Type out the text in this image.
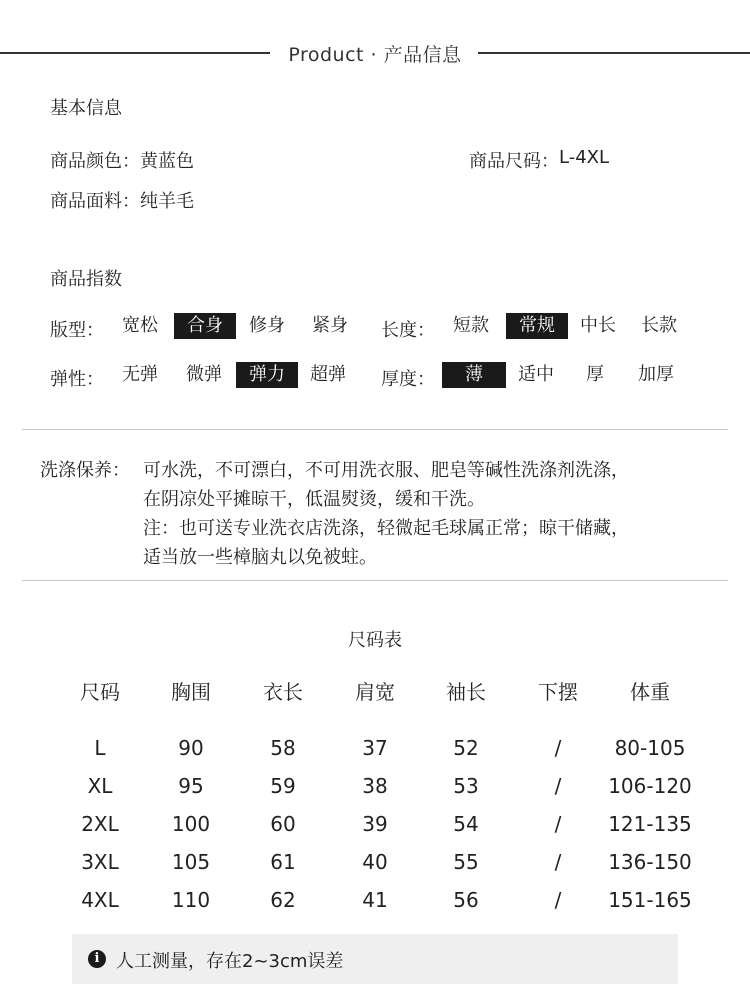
Product · 产品信息
基本信息
商品颜色： 黄蓝色	商品尺码： L-4XL
商品面料： 纯羊毛
商品指数
版型： 宽松	合身	修身 紧身 长度： 短款	常规	中长 长款
弹性： 无弹 微弹	弹力	超弹 厚度：	薄	适中 厚 加厚
洗涤保养： 可水洗，不可漂白，不可用洗衣服、肥皂等碱性洗涤剂洗涤，
在阴凉处平摊晾干，低温熨烫，缓和干洗。
注：也可送专业洗衣店洗涤，轻微起毛球属正常；晾干储藏，
适当放一些樟脑丸以免被蛀。
尺码表
尺码	胸围	衣长	肩宽	袖长	下摆	体重
L	90	58	37	52	/	80-105
XL	95	59	38	53	/	106-120
2XL	100	60	39	54	/	121-135
3XL	105	61	40	55	/	136-150
4XL	110	62	41	56	/	151-165
i 人工测量，存在2~3cm误差
